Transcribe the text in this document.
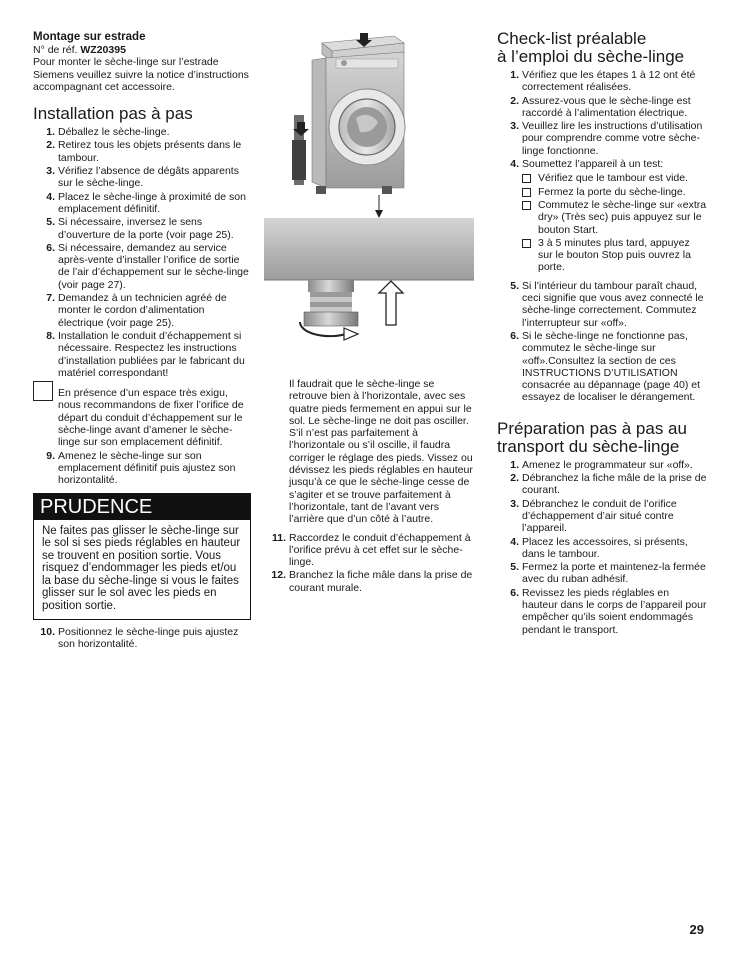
Montage sur estrade

N° de réf. WZ20395

Pour monter le sèche-linge sur l’estrade Siemens veuillez suivre la notice d’instructions accompagnant cet accessoire.

Installation pas à pas
1. Déballez le sèche-linge.
2. Retirez tous les objets présents dans le tambour.
3. Vérifiez l’absence de dégâts apparents sur le sèche-linge.
4. Placez le sèche-linge à proximité de son emplacement définitif.
5. Si nécessaire, inversez le sens d’ouverture de la porte (voir page 25).
6. Si nécessaire, demandez au service après-vente d’installer l’orifice de sortie de l’air d’échappement sur le sèche-linge (voir page 27).
7. Demandez à un technicien agréé de monter le cordon d’alimentation électrique (voir page 25).
8. Installation le conduit d’échappement si nécessaire. Respectez les instructions d’installation publiées par le fabricant du matériel correspondant!
En présence d’un espace très exigu, nous recommandons de fixer l’orifice de départ du conduit d’échappement sur le sèche-linge avant d’amener le sèche-linge sur son emplacement définitif.
9. Amenez le sèche-linge sur son emplacement définitif puis ajustez son horizontalité.
PRUDENCE
Ne faites pas glisser le sèche-linge sur le sol si ses pieds réglables en hauteur se trouvent en position sortie. Vous risquez d’endommager les pieds et/ou la base du sèche-linge si vous le faites glisser sur le sol avec les pieds en position sortie.
10. Positionnez le sèche-linge puis ajustez son horizontalité.
Il faudrait que le sèche-linge se retrouve bien à l’horizontale, avec ses quatre pieds fermement en appui sur le sol. Le sèche-linge ne doit pas osciller. S’il n’est pas parfaitement à l’horizontale ou s’il oscille, il faudra corriger le réglage des pieds. Vissez ou dévissez les pieds réglables en hauteur jusqu’à ce que le sèche-linge cesse de s’agiter et se trouve parfaitement à l’horizontale, tant de l’avant vers l’arrière que d’un côté à l’autre.
11. Raccordez le conduit d’échappement à l’orifice prévu à cet effet sur le sèche-linge.
12. Branchez la fiche mâle dans la prise de courant murale.
Check-list préalable
à l’emploi du sèche-linge
1. Vérifiez que les étapes 1 à 12 ont été correctement réalisées.
2. Assurez-vous que le sèche-linge est raccordé à l’alimentation électrique.
3. Veuillez lire les instructions d’utilisation pour comprendre comme votre sèche-linge fonctionne.
4. Soumettez l’appareil à un test:
Vérifiez que le tambour est vide.
Fermez la porte du sèche-linge.
Commutez le sèche-linge sur «extra dry» (Très sec) puis appuyez sur le bouton Start.
3 à 5 minutes plus tard, appuyez sur le bouton Stop puis ouvrez la porte.
5. Si l’intérieur du tambour paraît chaud, ceci signifie que vous avez connecté le sèche-linge correctement. Commutez l’interrupteur sur «off».
6. Si le sèche-linge ne fonctionne pas, commutez le sèche-linge sur «off».Consultez la section de ces INSTRUCTIONS D’UTILISATION consacrée au dépannage (page 40) et essayez de localiser le dérangement.
Préparation pas à pas au
transport du sèche-linge
1. Amenez le programmateur sur «off».
2. Débranchez la fiche mâle de la prise de courant.
3. Débranchez le conduit de l’orifice d’échappement d’air situé contre l’appareil.
4. Placez les accessoires, si présents, dans le tambour.
5. Fermez la porte et maintenez-la fermée avec du ruban adhésif.
6. Revissez les pieds réglables en hauteur dans le corps de l’appareil pour empêcher qu’ils soient endommagés pendant le transport.
29
